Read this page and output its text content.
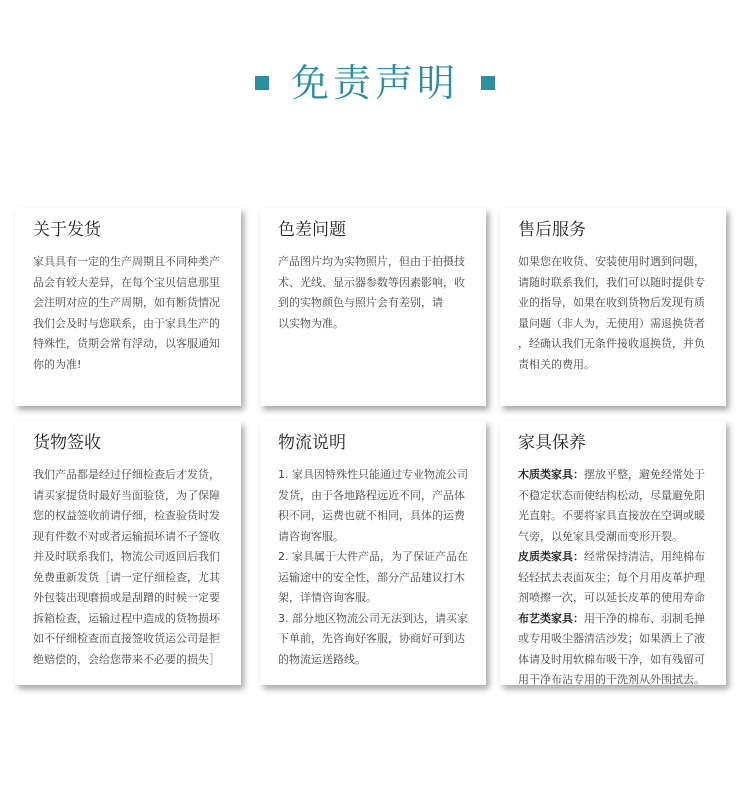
免责声明
关于发货
家具具有一定的生产周期且不同种类产
品会有较大差异，在每个宝贝信息那里
会注明对应的生产周期，如有断货情况
我们会及时与您联系，由于家具生产的
特殊性，货期会常有浮动，以客服通知
你的为准!
色差问题
产品图片均为实物照片，但由于拍摄技
术、光线、显示器参数等因素影响，收
到的实物颜色与照片会有差别，请
以实物为准。
售后服务
如果您在收货、安装使用时遇到问题，
请随时联系我们，我们可以随时提供专
业的指导，如果在收到货物后发现有质
量问题（非人为，无使用）需退换货者
，经确认我们无条件接收退换货，并负
责相关的费用。
货物签收
我们产品都是经过仔细检查后才发货，
请买家提货时最好当面验货，为了保障
您的权益签收前请仔细，检查验货时发
现有件数不对或者运输损坏请不子签收
并及时联系我们，物流公司返回后我们
免费重新发货［请一定仔细检查，尤其
外包装出现磨损或是刮蹭的时候一定要
拆箱检查，运输过程中造成的货物损坏
如不仔细检查而直接签收货运公司是拒
绝赔偿的，会给您带来不必要的损失］
物流说明
1. 家具因特殊性只能通过专业物流公司
发货，由于各地路程远近不同，产品体
积不同，运费也就不相同，具体的运费
请咨询客服。
2. 家具属于大件产品，为了保证产品在
运输途中的安全性，部分产品建议打木
架，详情咨询客服。
3. 部分地区物流公司无法到达，请买家
下单前，先咨询好客服，协商好可到达
的物流运送路线。
家具保养
木质类家具：摆放平整，避免经常处于
不稳定状态而使结构松动，尽量避免阳
光直射。不要将家具直接放在空调或暖
气旁，以免家具受潮而变形开裂。
皮质类家具：经常保持清洁，用纯棉布
轻轻拭去表面灰尘；每个月用皮革护理
剂喷擦一次，可以延长皮革的使用寿命
布艺类家具：用干净的棉布、羽制毛掸
或专用吸尘器清洁沙发；如果洒上了液
体请及时用软棉布吸干净，如有残留可
用干净布沾专用的干洗剂从外围拭去。
